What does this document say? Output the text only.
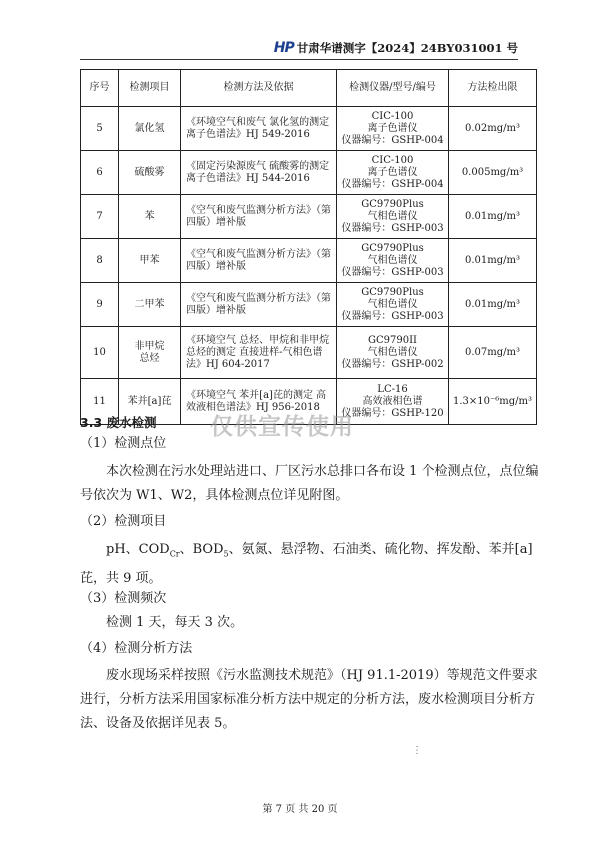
HP 甘肃华谱测字【2024】24BY031001 号
序号	检测项目	检测方法及依据	检测仪器/型号/编号	方法检出限
5	氯化氢	《环境空气和废气 氯化氢的测定 离子色谱法》HJ 549-2016	CIC-100
离子色谱仪
仪器编号：GSHP-004	0.02mg/m³
6	硫酸雾	《固定污染源废气 硫酸雾的测定 离子色谱法》HJ 544-2016	CIC-100
离子色谱仪
仪器编号：GSHP-004	0.005mg/m³
7	苯	《空气和废气监测分析方法》（第四版）增补版	GC9790Plus
气相色谱仪
仪器编号：GSHP-003	0.01mg/m³
8	甲苯	《空气和废气监测分析方法》（第四版）增补版	GC9790Plus
气相色谱仪
仪器编号：GSHP-003	0.01mg/m³
9	二甲苯	《空气和废气监测分析方法》（第四版）增补版	GC9790Plus
气相色谱仪
仪器编号：GSHP-003	0.01mg/m³
10	非甲烷
总烃	《环境空气 总烃、甲烷和非甲烷总烃的测定 直接进样-气相色谱法》HJ 604-2017	GC9790II
气相色谱仪
仪器编号：GSHP-002	0.07mg/m³
11	苯并[a]芘	《环境空气 苯并[a]芘的测定 高效液相色谱法》HJ 956-2018	LC-16
高效液相色谱
仪器编号：GSHP-120	1.3×10⁻⁶mg/m³
3.3 废水检测	仅供宣传使用
（1）检测点位
本次检测在污水处理站进口、厂区污水总排口各布设 1 个检测点位，点位编号依次为 W1、W2，具体检测点位详见附图。
（2）检测项目
pH、$COD_{Cr}$、$BOD_5$、氨氮、悬浮物、石油类、硫化物、挥发酚、苯并[a]芘，共 9 项。
（3）检测频次
检测 1 天，每天 3 次。
（4）检测分析方法
废水现场采样按照《污水监测技术规范》（HJ 91.1-2019）等规范文件要求进行，分析方法采用国家标准分析方法中规定的分析方法，废水检测项目分析方法、设备及依据详见表 5。
︙
第 7 页 共 20 页
